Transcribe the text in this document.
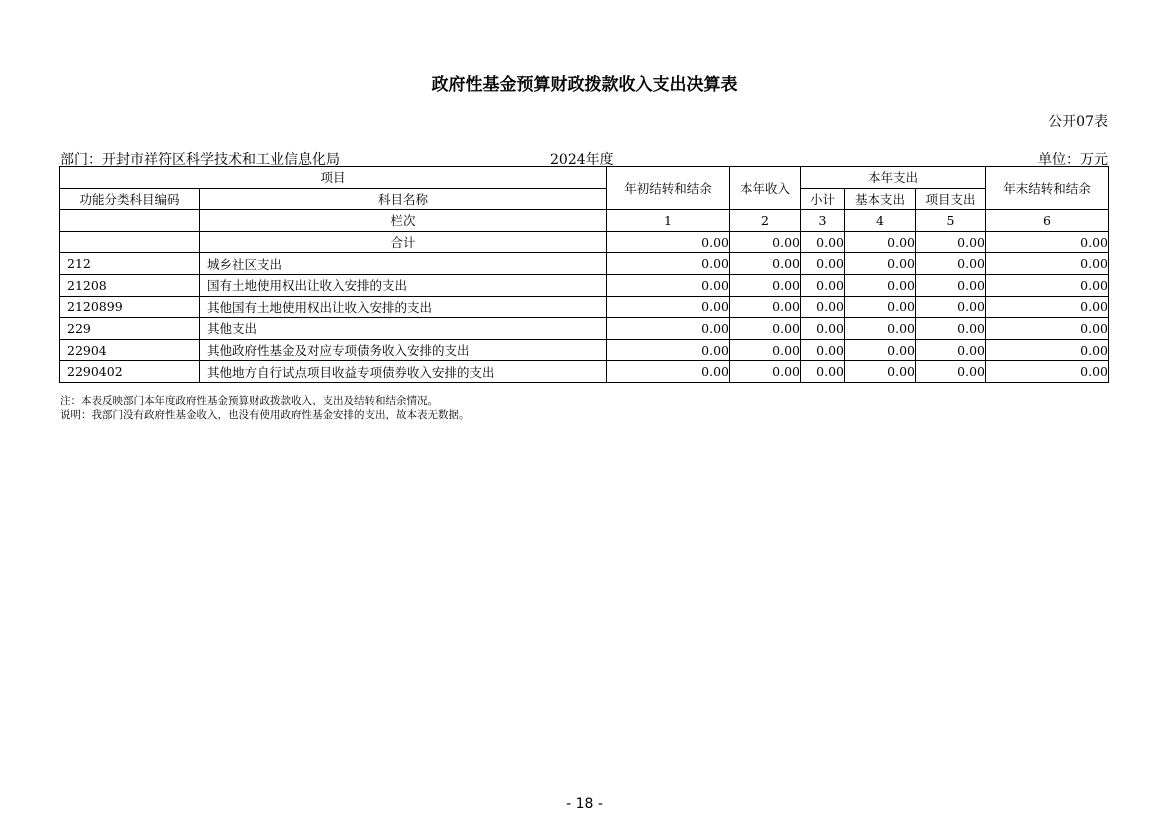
政府性基金预算财政拨款收入支出决算表
公开07表
部门：开封市祥符区科学技术和工业信息化局	2024年度	单位：万元
项目		年初结转和结余	本年收入	本年支出			年末结转和结余
功能分类科目编码	科目名称			小计	基本支出	项目支出	
	栏次	1	2	3	4	5	6
	合计	0.00	0.00	0.00	0.00	0.00	0.00
212	城乡社区支出	0.00	0.00	0.00	0.00	0.00	0.00
21208	国有土地使用权出让收入安排的支出	0.00	0.00	0.00	0.00	0.00	0.00
2120899	其他国有土地使用权出让收入安排的支出	0.00	0.00	0.00	0.00	0.00	0.00
229	其他支出	0.00	0.00	0.00	0.00	0.00	0.00
22904	其他政府性基金及对应专项债务收入安排的支出	0.00	0.00	0.00	0.00	0.00	0.00
2290402	其他地方自行试点项目收益专项债券收入安排的支出	0.00	0.00	0.00	0.00	0.00	0.00
注：本表反映部门本年度政府性基金预算财政拨款收入、支出及结转和结余情况。
说明：我部门没有政府性基金收入，也没有使用政府性基金安排的支出，故本表无数据。
- 18 -
